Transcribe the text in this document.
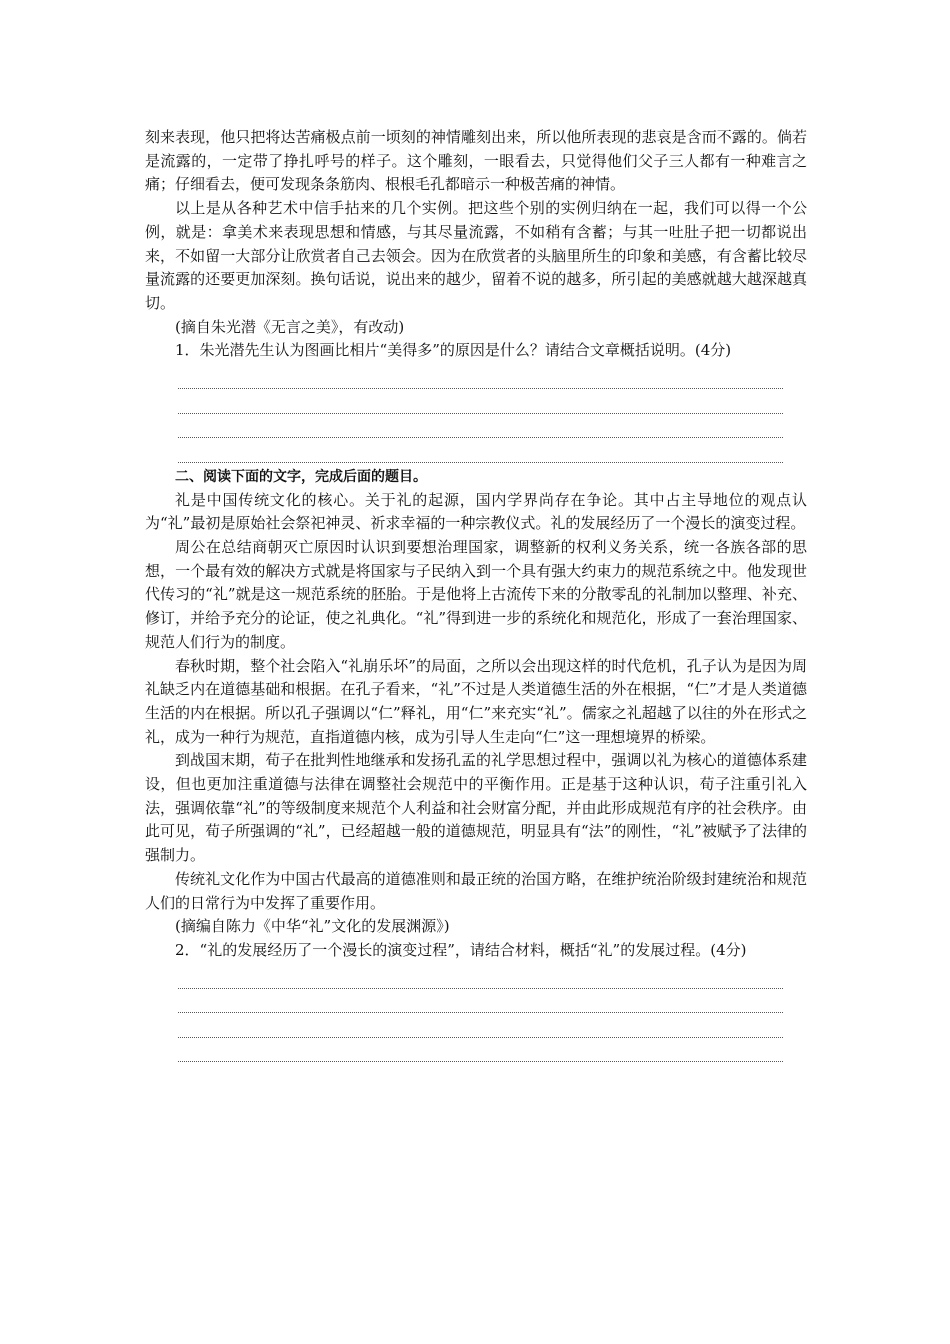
刻来表现，他只把将达苦痛极点前一顷刻的神情雕刻出来，所以他所表现的悲哀是含而不露的。倘若是流露的，一定带了挣扎呼号的样子。这个雕刻，一眼看去，只觉得他们父子三人都有一种难言之痛；仔细看去，便可发现条条筋肉、根根毛孔都暗示一种极苦痛的神情。

以上是从各种艺术中信手拈来的几个实例。把这些个别的实例归纳在一起，我们可以得一个公例，就是：拿美术来表现思想和情感，与其尽量流露，不如稍有含蓄；与其一吐肚子把一切都说出来，不如留一大部分让欣赏者自己去领会。因为在欣赏者的头脑里所生的印象和美感，有含蓄比较尽量流露的还要更加深刻。换句话说，说出来的越少，留着不说的越多，所引起的美感就越大越深越真切。

(摘自朱光潜《无言之美》，有改动)

1．朱光潜先生认为图画比相片“美得多”的原因是什么？请结合文章概括说明。(4分)

二、阅读下面的文字，完成后面的题目。

礼是中国传统文化的核心。关于礼的起源，国内学界尚存在争论。其中占主导地位的观点认为“礼”最初是原始社会祭祀神灵、祈求幸福的一种宗教仪式。礼的发展经历了一个漫长的演变过程。

周公在总结商朝灭亡原因时认识到要想治理国家，调整新的权利义务关系，统一各族各部的思想，一个最有效的解决方式就是将国家与子民纳入到一个具有强大约束力的规范系统之中。他发现世代传习的“礼”就是这一规范系统的胚胎。于是他将上古流传下来的分散零乱的礼制加以整理、补充、修订，并给予充分的论证，使之礼典化。“礼”得到进一步的系统化和规范化，形成了一套治理国家、规范人们行为的制度。

春秋时期，整个社会陷入“礼崩乐坏”的局面，之所以会出现这样的时代危机，孔子认为是因为周礼缺乏内在道德基础和根据。在孔子看来，“礼”不过是人类道德生活的外在根据，“仁”才是人类道德生活的内在根据。所以孔子强调以“仁”释礼，用“仁”来充实“礼”。儒家之礼超越了以往的外在形式之礼，成为一种行为规范，直指道德内核，成为引导人生走向“仁”这一理想境界的桥梁。

到战国末期，荀子在批判性地继承和发扬孔孟的礼学思想过程中，强调以礼为核心的道德体系建设，但也更加注重道德与法律在调整社会规范中的平衡作用。正是基于这种认识，荀子注重引礼入法，强调依靠“礼”的等级制度来规范个人利益和社会财富分配，并由此形成规范有序的社会秩序。由此可见，荀子所强调的“礼”，已经超越一般的道德规范，明显具有“法”的刚性，“礼”被赋予了法律的强制力。

传统礼文化作为中国古代最高的道德准则和最正统的治国方略，在维护统治阶级封建统治和规范人们的日常行为中发挥了重要作用。

(摘编自陈力《中华“礼”文化的发展渊源》)

2．“礼的发展经历了一个漫长的演变过程”，请结合材料，概括“礼”的发展过程。(4分)
